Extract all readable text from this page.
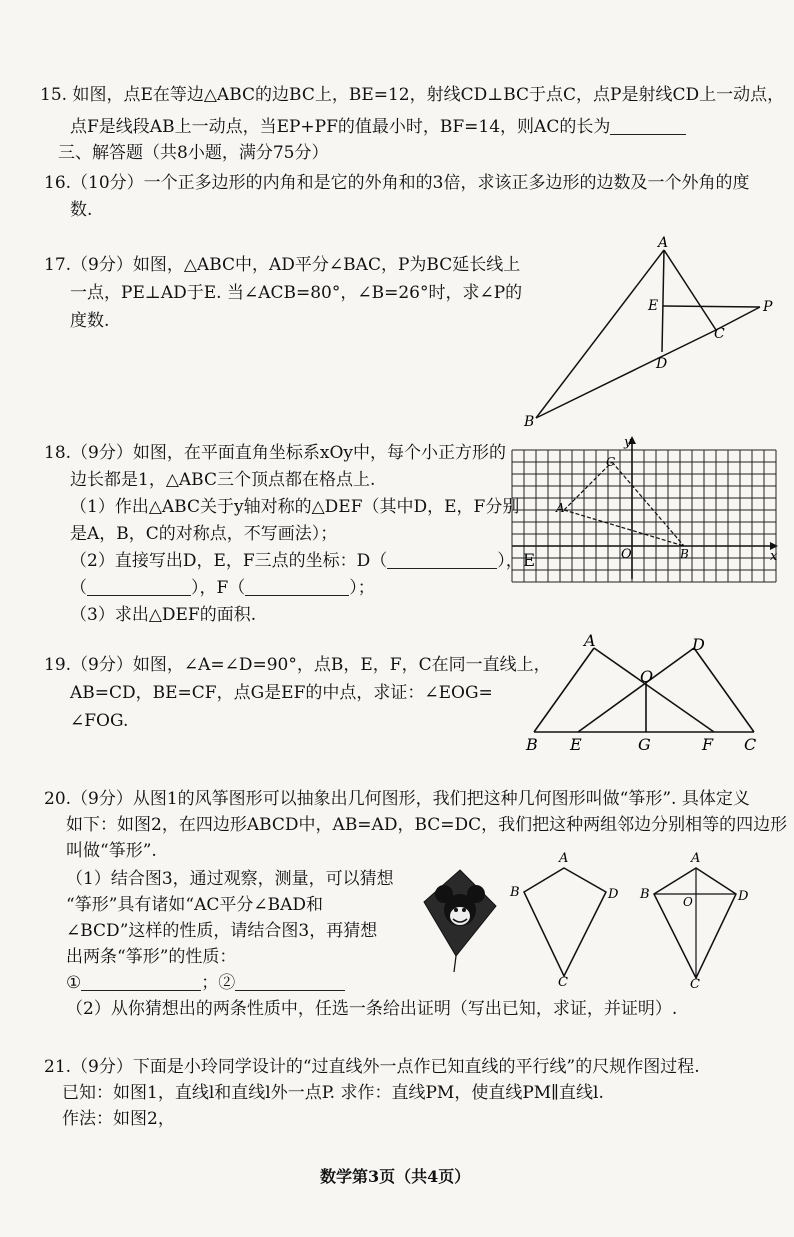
15. 如图，点E在等边△ABC的边BC上，BE=12，射线CD⊥BC于点C，点P是射线CD上一动点，
点F是线段AB上一动点，当EP+PF的值最小时，BF=14，则AC的长为
三、解答题（共8小题，满分75分）
16.（10分）一个正多边形的内角和是它的外角和的3倍，求该正多边形的边数及一个外角的度
数.
17.（9分）如图，△ABC中，AD平分∠BAC，P为BC延长线上
一点，PE⊥AD于E. 当∠ACB=80°，∠B=26°时，求∠P的
度数.
A
E	P
C
D
B
18.（9分）如图，在平面直角坐标系xOy中，每个小正方形的
边长都是1，△ABC三个顶点都在格点上.
（1）作出△ABC关于y轴对称的△DEF（其中D，E，F分别
是A，B，C的对称点，不写画法）；
（2）直接写出D，E，F三点的坐标：D（	），E
（	），F（	）；
（3）求出△DEF的面积.
y
x
O
A
C
B
19.（9分）如图，∠A=∠D=90°，点B，E，F，C在同一直线上，
AB=CD，BE=CF，点G是EF的中点，求证：∠EOG=
∠FOG.
A	D
O
B E	G	F C
20.（9分）从图1的风筝图形可以抽象出几何图形，我们把这种几何图形叫做“筝形”. 具体定义
如下：如图2，在四边形ABCD中，AB=AD，BC=DC，我们把这种两组邻边分别相等的四边形
叫做“筝形”.
（1）结合图3，通过观察，测量，可以猜想
“筝形”具有诸如“AC平分∠BAD和
∠BCD”这样的性质，请结合图3，再猜想
出两条“筝形”的性质：
①	；②
（2）从你猜想出的两条性质中，任选一条给出证明（写出已知，求证，并证明）.
A
B	D
C
A
B	D
O
C
21.（9分）下面是小玲同学设计的“过直线外一点作已知直线的平行线”的尺规作图过程.
已知：如图1，直线l和直线l外一点P. 求作：直线PM，使直线PM∥直线l.
作法：如图2，
数学第3页（共4页）
